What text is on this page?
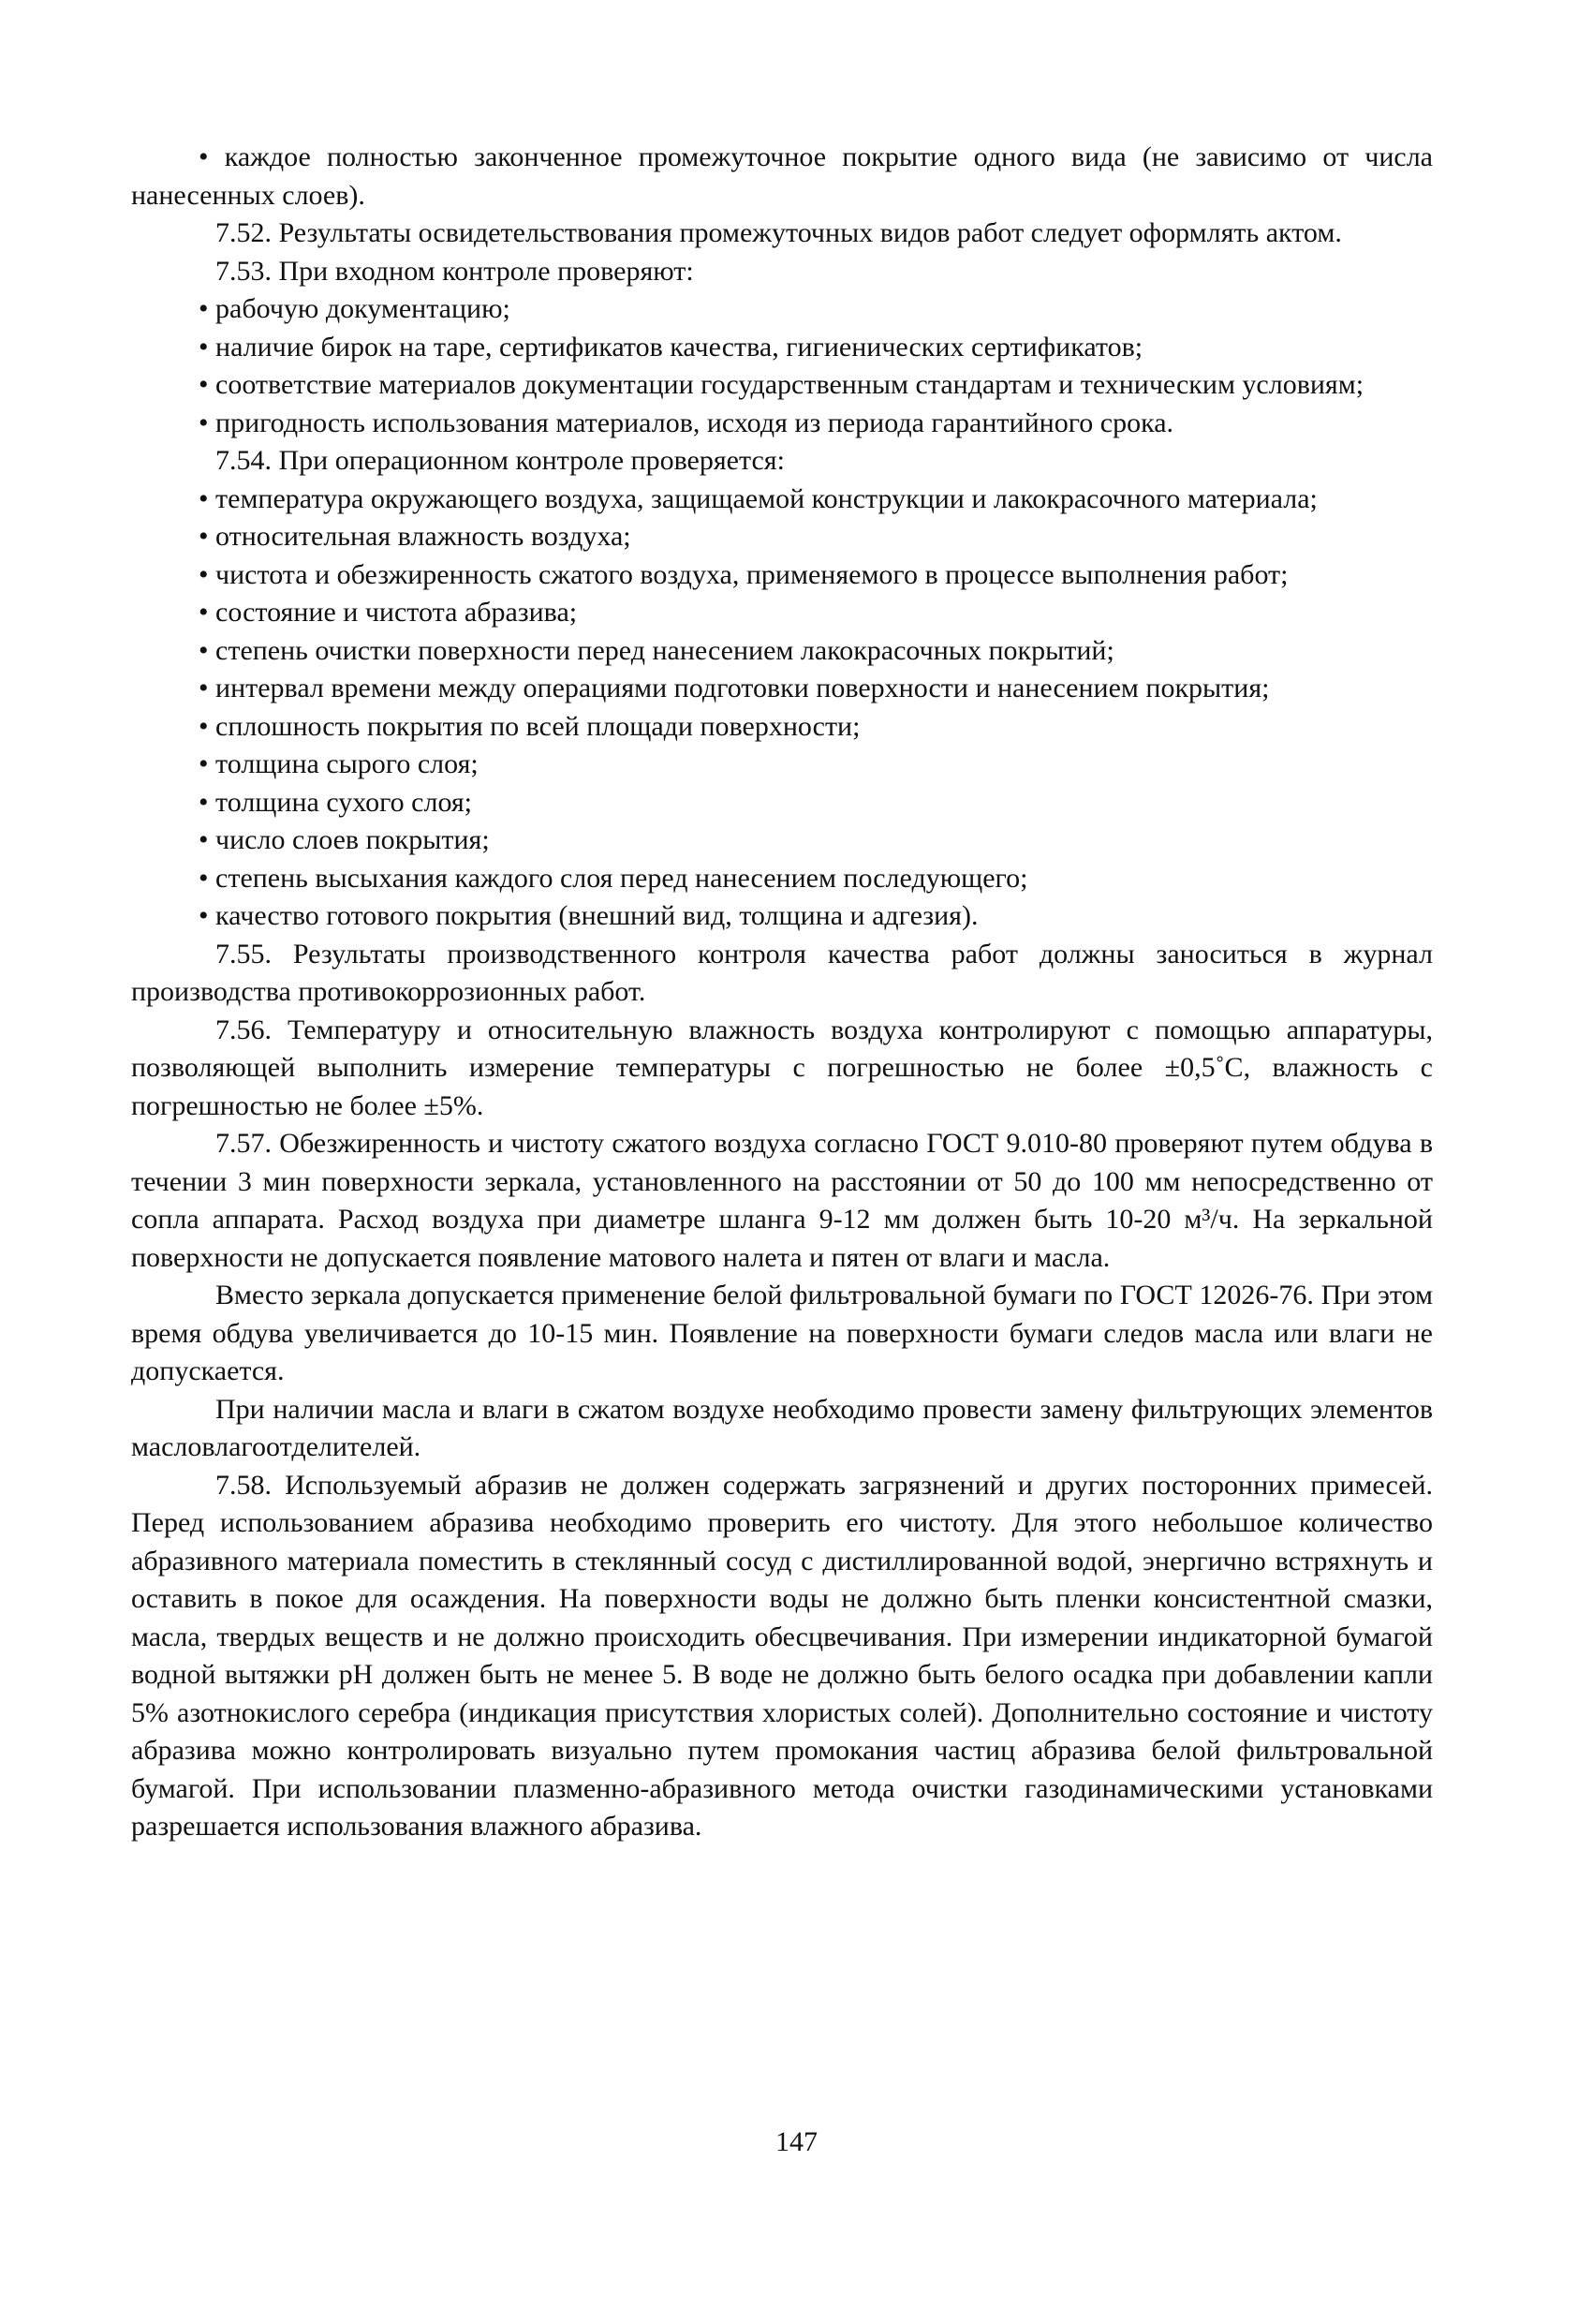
• каждое полностью законченное промежуточное покрытие одного вида (не зависимо от числа нанесенных слоев).

7.52. Результаты освидетельствования промежуточных видов работ следует оформлять актом.

7.53. При входном контроле проверяют:

• рабочую документацию;

• наличие бирок на таре, сертификатов качества, гигиенических сертификатов;

• соответствие материалов документации государственным стандартам и техническим условиям;

• пригодность использования материалов, исходя из периода гарантийного срока.

7.54. При операционном контроле проверяется:

• температура окружающего воздуха, защищаемой конструкции и лакокрасочного материала;

• относительная влажность воздуха;

• чистота и обезжиренность сжатого воздуха, применяемого в процессе выполнения работ;

• состояние и чистота абразива;

• степень очистки поверхности перед нанесением лакокрасочных покрытий;

• интервал времени между операциями подготовки поверхности и нанесением покрытия;

• сплошность покрытия по всей площади поверхности;

• толщина сырого слоя;

• толщина сухого слоя;

• число слоев покрытия;

• степень высыхания каждого слоя перед нанесением последующего;

• качество готового покрытия (внешний вид, толщина и адгезия).

7.55. Результаты производственного контроля качества работ должны заноситься в журнал производства противокоррозионных работ.

7.56. Температуру и относительную влажность воздуха контролируют с помощью аппаратуры, позволяющей выполнить измерение температуры с погрешностью не более ±0,5˚С, влажность с погрешностью не более ±5%.

7.57. Обезжиренность и чистоту сжатого воздуха согласно ГОСТ 9.010-80 проверяют путем обдува в течении 3 мин поверхности зеркала, установленного на расстоянии от 50 до 100 мм непосредственно от сопла аппарата. Расход воздуха при диаметре шланга 9-12 мм должен быть 10-20 м³/ч. На зеркальной поверхности не допускается появление матового налета и пятен от влаги и масла.

Вместо зеркала допускается применение белой фильтровальной бумаги по ГОСТ 12026-76. При этом время обдува увеличивается до 10-15 мин. Появление на поверхности бумаги следов масла или влаги не допускается.

При наличии масла и влаги в сжатом воздухе необходимо провести замену фильтрующих элементов масловлагоотделителей.

7.58. Используемый абразив не должен содержать загрязнений и других посторонних примесей. Перед использованием абразива необходимо проверить его чистоту. Для этого небольшое количество абразивного материала поместить в стеклянный сосуд с дистиллированной водой, энергично встряхнуть и оставить в покое для осаждения. На поверхности воды не должно быть пленки консистентной смазки, масла, твердых веществ и не должно происходить обесцвечивания. При измерении индикаторной бумагой водной вытяжки pH должен быть не менее 5. В воде не должно быть белого осадка при добавлении капли 5% азотнокислого серебра (индикация присутствия хлористых солей). Дополнительно состояние и чистоту абразива можно контролировать визуально путем промокания частиц абразива белой фильтровальной бумагой. При использовании плазменно-абразивного метода очистки газодинамическими установками разрешается использования влажного абразива.

147
